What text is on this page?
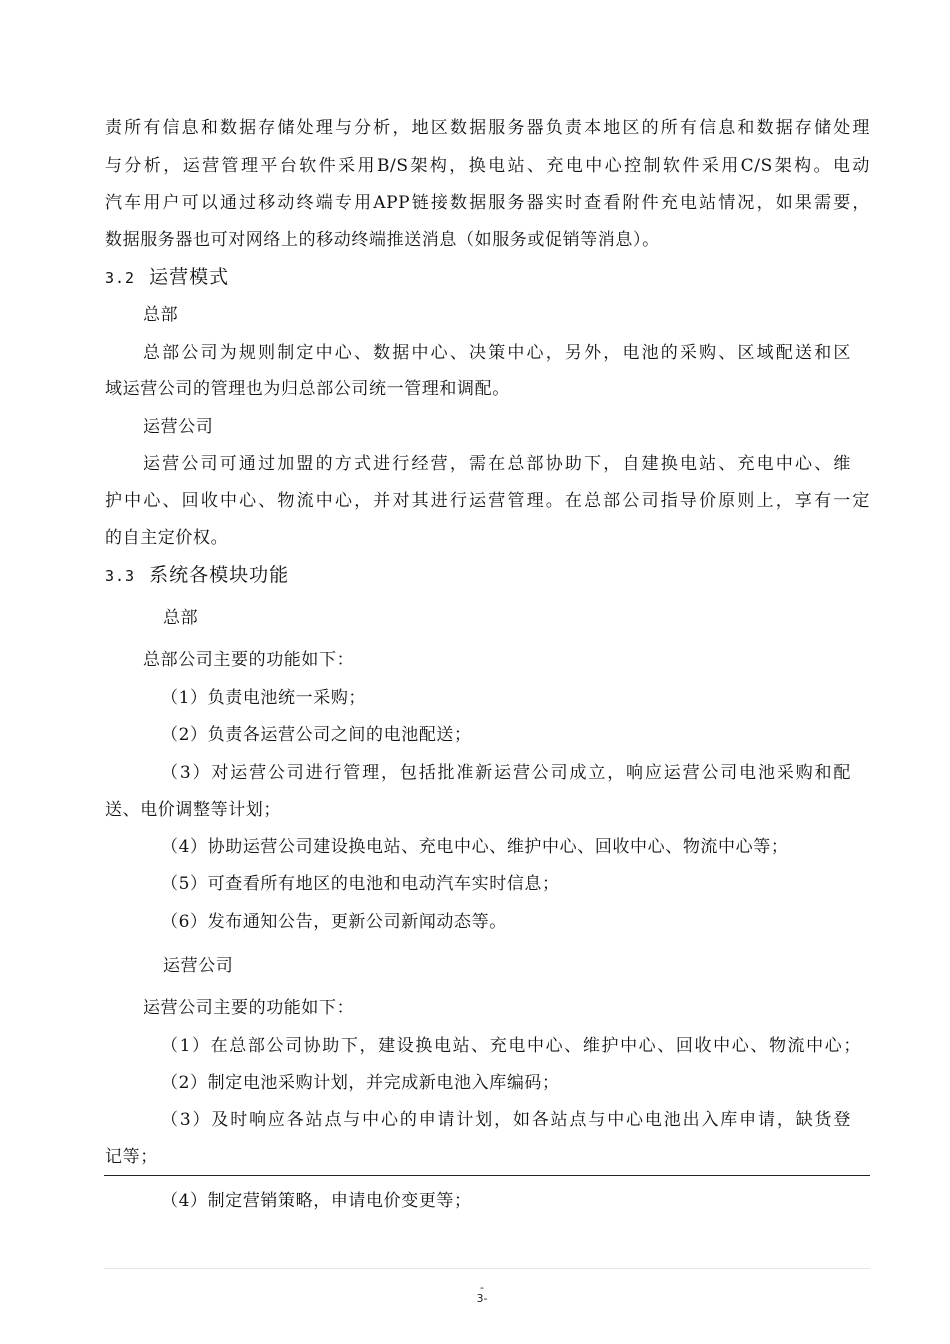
责所有信息和数据存储处理与分析，地区数据服务器负责本地区的所有信息和数据存储处理
与分析，运营管理平台软件采用B/S架构，换电站、充电中心控制软件采用C/S架构。电动
汽车用户可以通过移动终端专用APP链接数据服务器实时查看附件充电站情况，如果需要，
数据服务器也可对网络上的移动终端推送消息（如服务或促销等消息）。
3.2 运营模式
总部
总部公司为规则制定中心、数据中心、决策中心，另外，电池的采购、区域配送和区
域运营公司的管理也为归总部公司统一管理和调配。
运营公司
运营公司可通过加盟的方式进行经营，需在总部协助下，自建换电站、充电中心、维
护中心、回收中心、物流中心，并对其进行运营管理。在总部公司指导价原则上，享有一定
的自主定价权。
3.3 系统各模块功能
总部
总部公司主要的功能如下：
（1）负责电池统一采购；
（2）负责各运营公司之间的电池配送；
（3）对运营公司进行管理，包括批准新运营公司成立，响应运营公司电池采购和配
送、电价调整等计划；
（4）协助运营公司建设换电站、充电中心、维护中心、回收中心、物流中心等；
（5）可查看所有地区的电池和电动汽车实时信息；
（6）发布通知公告，更新公司新闻动态等。
运营公司
运营公司主要的功能如下：
（1）在总部公司协助下，建设换电站、充电中心、维护中心、回收中心、物流中心；
（2）制定电池采购计划，并完成新电池入库编码；
（3）及时响应各站点与中心的申请计划，如各站点与中心电池出入库申请，缺货登
记等；
（4）制定营销策略，申请电价变更等；
-
3-
